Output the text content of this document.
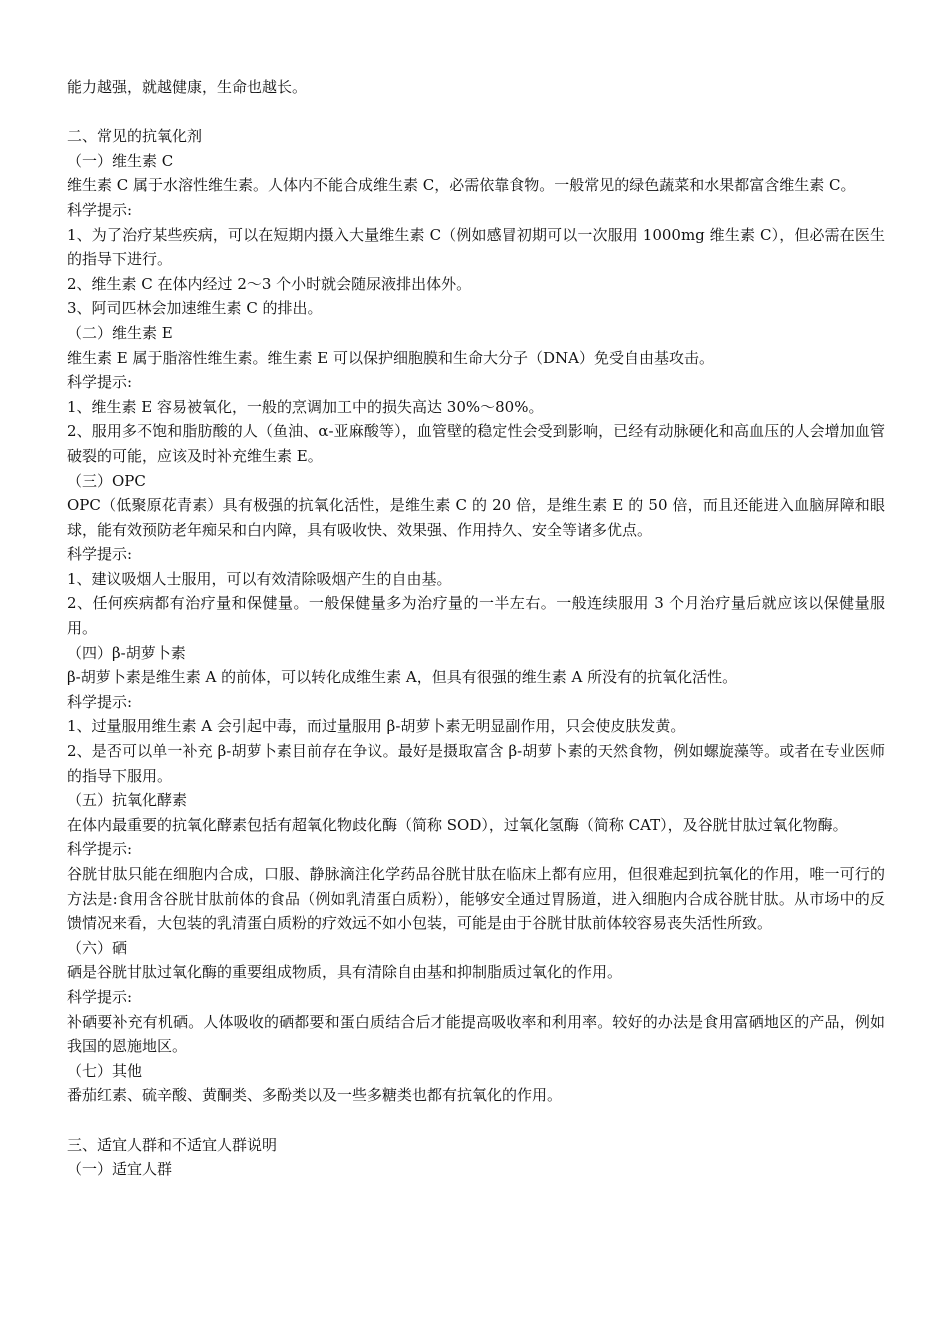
能力越强，就越健康，生命也越长。

二、常见的抗氧化剂

（一）维生素 C

维生素 C 属于水溶性维生素。人体内不能合成维生素 C，必需依靠食物。一般常见的绿色蔬菜和水果都富含维生素 C。

科学提示:

1、为了治疗某些疾病，可以在短期内摄入大量维生素 C（例如感冒初期可以一次服用 1000mg 维生素 C），但必需在医生的指导下进行。

2、维生素 C 在体内经过 2～3 个小时就会随尿液排出体外。

3、阿司匹林会加速维生素 C 的排出。

（二）维生素 E

维生素 E 属于脂溶性维生素。维生素 E 可以保护细胞膜和生命大分子（DNA）免受自由基攻击。

科学提示:

1、维生素 E 容易被氧化，一般的烹调加工中的损失高达 30%～80%。

2、服用多不饱和脂肪酸的人（鱼油、α-亚麻酸等），血管壁的稳定性会受到影响，已经有动脉硬化和高血压的人会增加血管破裂的可能，应该及时补充维生素 E。

（三）OPC

OPC（低聚原花青素）具有极强的抗氧化活性，是维生素 C 的 20 倍，是维生素 E 的 50 倍，而且还能进入血脑屏障和眼球，能有效预防老年痴呆和白内障，具有吸收快、效果强、作用持久、安全等诸多优点。

科学提示:

1、建议吸烟人士服用，可以有效清除吸烟产生的自由基。

2、任何疾病都有治疗量和保健量。一般保健量多为治疗量的一半左右。一般连续服用 3 个月治疗量后就应该以保健量服用。

（四）β-胡萝卜素

β-胡萝卜素是维生素 A 的前体，可以转化成维生素 A，但具有很强的维生素 A 所没有的抗氧化活性。

科学提示:

1、过量服用维生素 A 会引起中毒，而过量服用 β-胡萝卜素无明显副作用，只会使皮肤发黄。

2、是否可以单一补充 β-胡萝卜素目前存在争议。最好是摄取富含 β-胡萝卜素的天然食物，例如螺旋藻等。或者在专业医师的指导下服用。

（五）抗氧化酵素

在体内最重要的抗氧化酵素包括有超氧化物歧化酶（简称 SOD），过氧化氢酶（简称 CAT），及谷胱甘肽过氧化物酶。

科学提示:

谷胱甘肽只能在细胞内合成，口服、静脉滴注化学药品谷胱甘肽在临床上都有应用，但很难起到抗氧化的作用，唯一可行的方法是:食用含谷胱甘肽前体的食品（例如乳清蛋白质粉），能够安全通过胃肠道，进入细胞内合成谷胱甘肽。从市场中的反馈情况来看，大包装的乳清蛋白质粉的疗效远不如小包装，可能是由于谷胱甘肽前体较容易丧失活性所致。

（六）硒

硒是谷胱甘肽过氧化酶的重要组成物质，具有清除自由基和抑制脂质过氧化的作用。

科学提示:

补硒要补充有机硒。人体吸收的硒都要和蛋白质结合后才能提高吸收率和利用率。较好的办法是食用富硒地区的产品，例如我国的恩施地区。

（七）其他

番茄红素、硫辛酸、黄酮类、多酚类以及一些多糖类也都有抗氧化的作用。

三、适宜人群和不适宜人群说明

（一）适宜人群
